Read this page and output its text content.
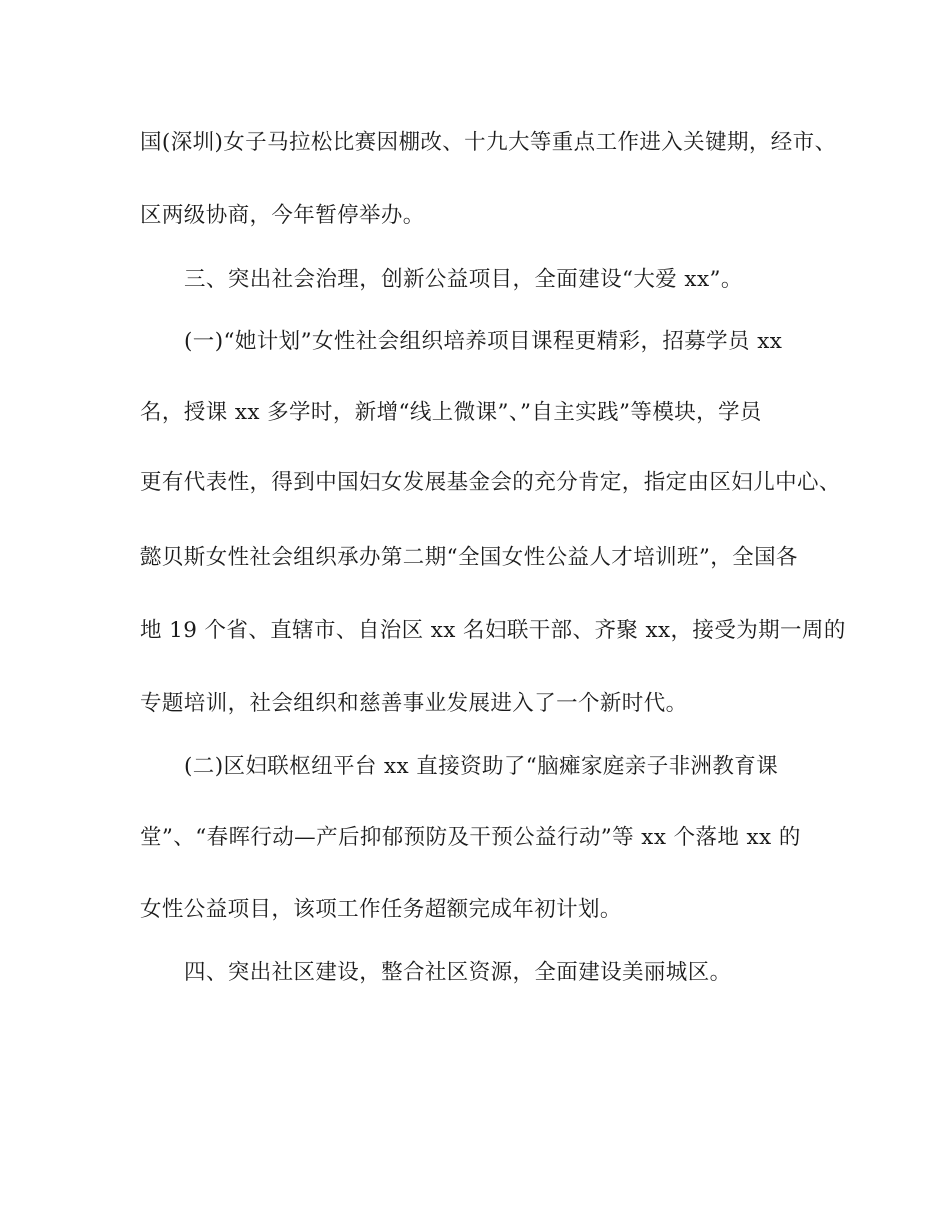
国(深圳)女子马拉松比赛因棚改、十九大等重点工作进入关键期，经市、
区两级协商，今年暂停举办。
三、突出社会治理，创新公益项目，全面建设“大爱 xx”。
(一)“她计划”女性社会组织培养项目课程更精彩，招募学员 xx
名，授课 xx 多学时，新增“线上微课”、”自主实践”等模块，学员
更有代表性，得到中国妇女发展基金会的充分肯定，指定由区妇儿中心、
懿贝斯女性社会组织承办第二期“全国女性公益人才培训班”，全国各
地 19 个省、直辖市、自治区 xx 名妇联干部、齐聚 xx，接受为期一周的
专题培训，社会组织和慈善事业发展进入了一个新时代。
(二)区妇联枢纽平台 xx 直接资助了“脑瘫家庭亲子非洲教育课
堂”、“春晖行动—产后抑郁预防及干预公益行动”等 xx 个落地 xx 的
女性公益项目，该项工作任务超额完成年初计划。
四、突出社区建设，整合社区资源，全面建设美丽城区。
